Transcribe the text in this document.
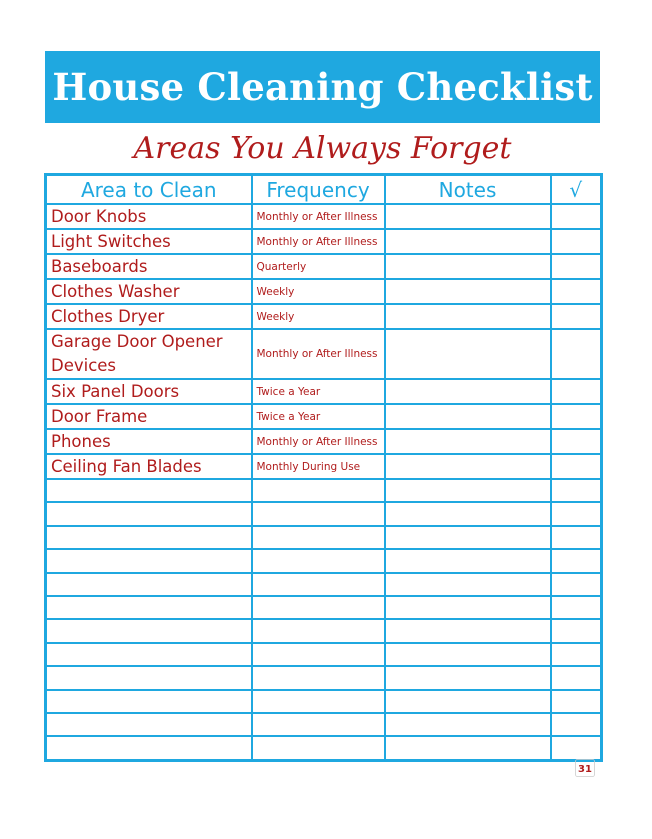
House Cleaning Checklist
Areas You Always Forget
Area to Clean	Frequency	Notes	√
Door Knobs	Monthly or After Illness		
Light Switches	Monthly or After Illness		
Baseboards	Quarterly		
Clothes Washer	Weekly		
Clothes Dryer	Weekly		
Garage Door Opener Devices	Monthly or After Illness		
Six Panel Doors	Twice a Year		
Door Frame	Twice a Year		
Phones	Monthly or After Illness		
Ceiling Fan Blades	Monthly During Use		

31
